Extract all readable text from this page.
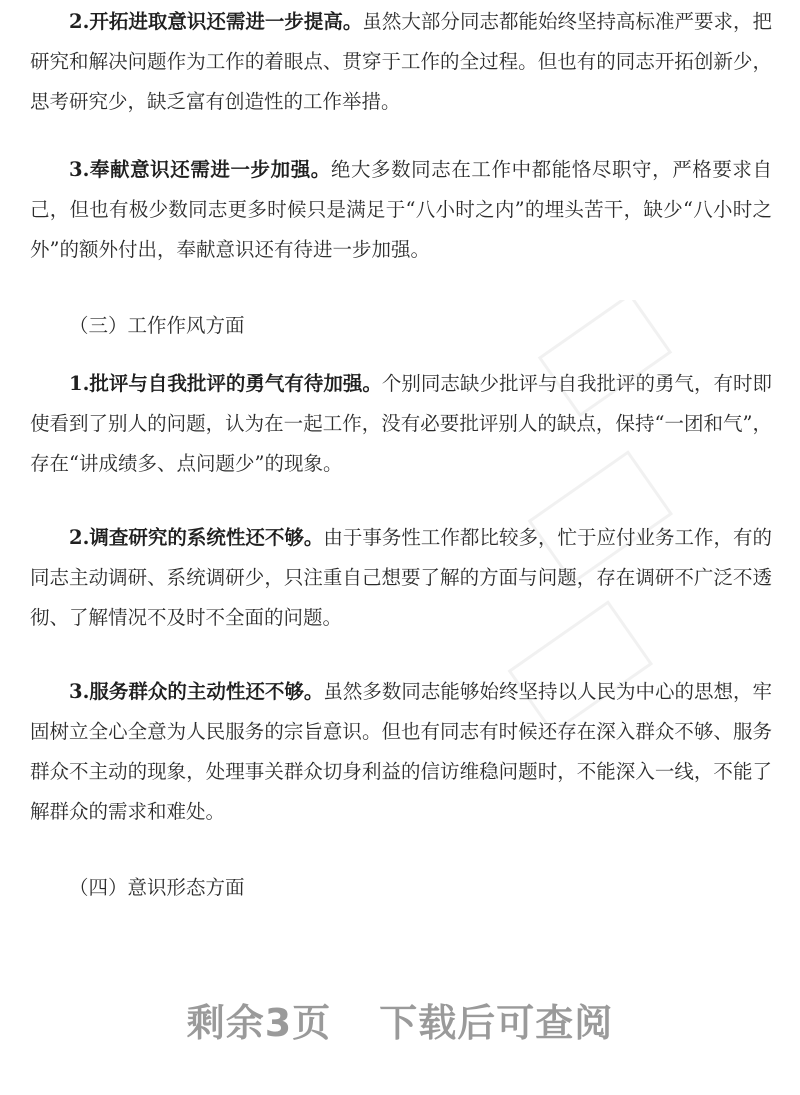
2.开拓进取意识还需进一步提高。虽然大部分同志都能始终坚持高标准严要求，把研究和解决问题作为工作的着眼点、贯穿于工作的全过程。但也有的同志开拓创新少，思考研究少，缺乏富有创造性的工作举措。

3.奉献意识还需进一步加强。绝大多数同志在工作中都能恪尽职守，严格要求自己，但也有极少数同志更多时候只是满足于“八小时之内”的埋头苦干，缺少“八小时之外”的额外付出，奉献意识还有待进一步加强。

（三）工作作风方面

1.批评与自我批评的勇气有待加强。个别同志缺少批评与自我批评的勇气，有时即使看到了别人的问题，认为在一起工作，没有必要批评别人的缺点，保持“一团和气”，存在“讲成绩多、点问题少”的现象。

2.调查研究的系统性还不够。由于事务性工作都比较多，忙于应付业务工作，有的同志主动调研、系统调研少，只注重自己想要了解的方面与问题，存在调研不广泛不透彻、了解情况不及时不全面的问题。

3.服务群众的主动性还不够。虽然多数同志能够始终坚持以人民为中心的思想，牢固树立全心全意为人民服务的宗旨意识。但也有同志有时候还存在深入群众不够、服务群众不主动的现象，处理事关群众切身利益的信访维稳问题时，不能深入一线，不能了解群众的需求和难处。

（四）意识形态方面

剩余3页 下载后可查阅
